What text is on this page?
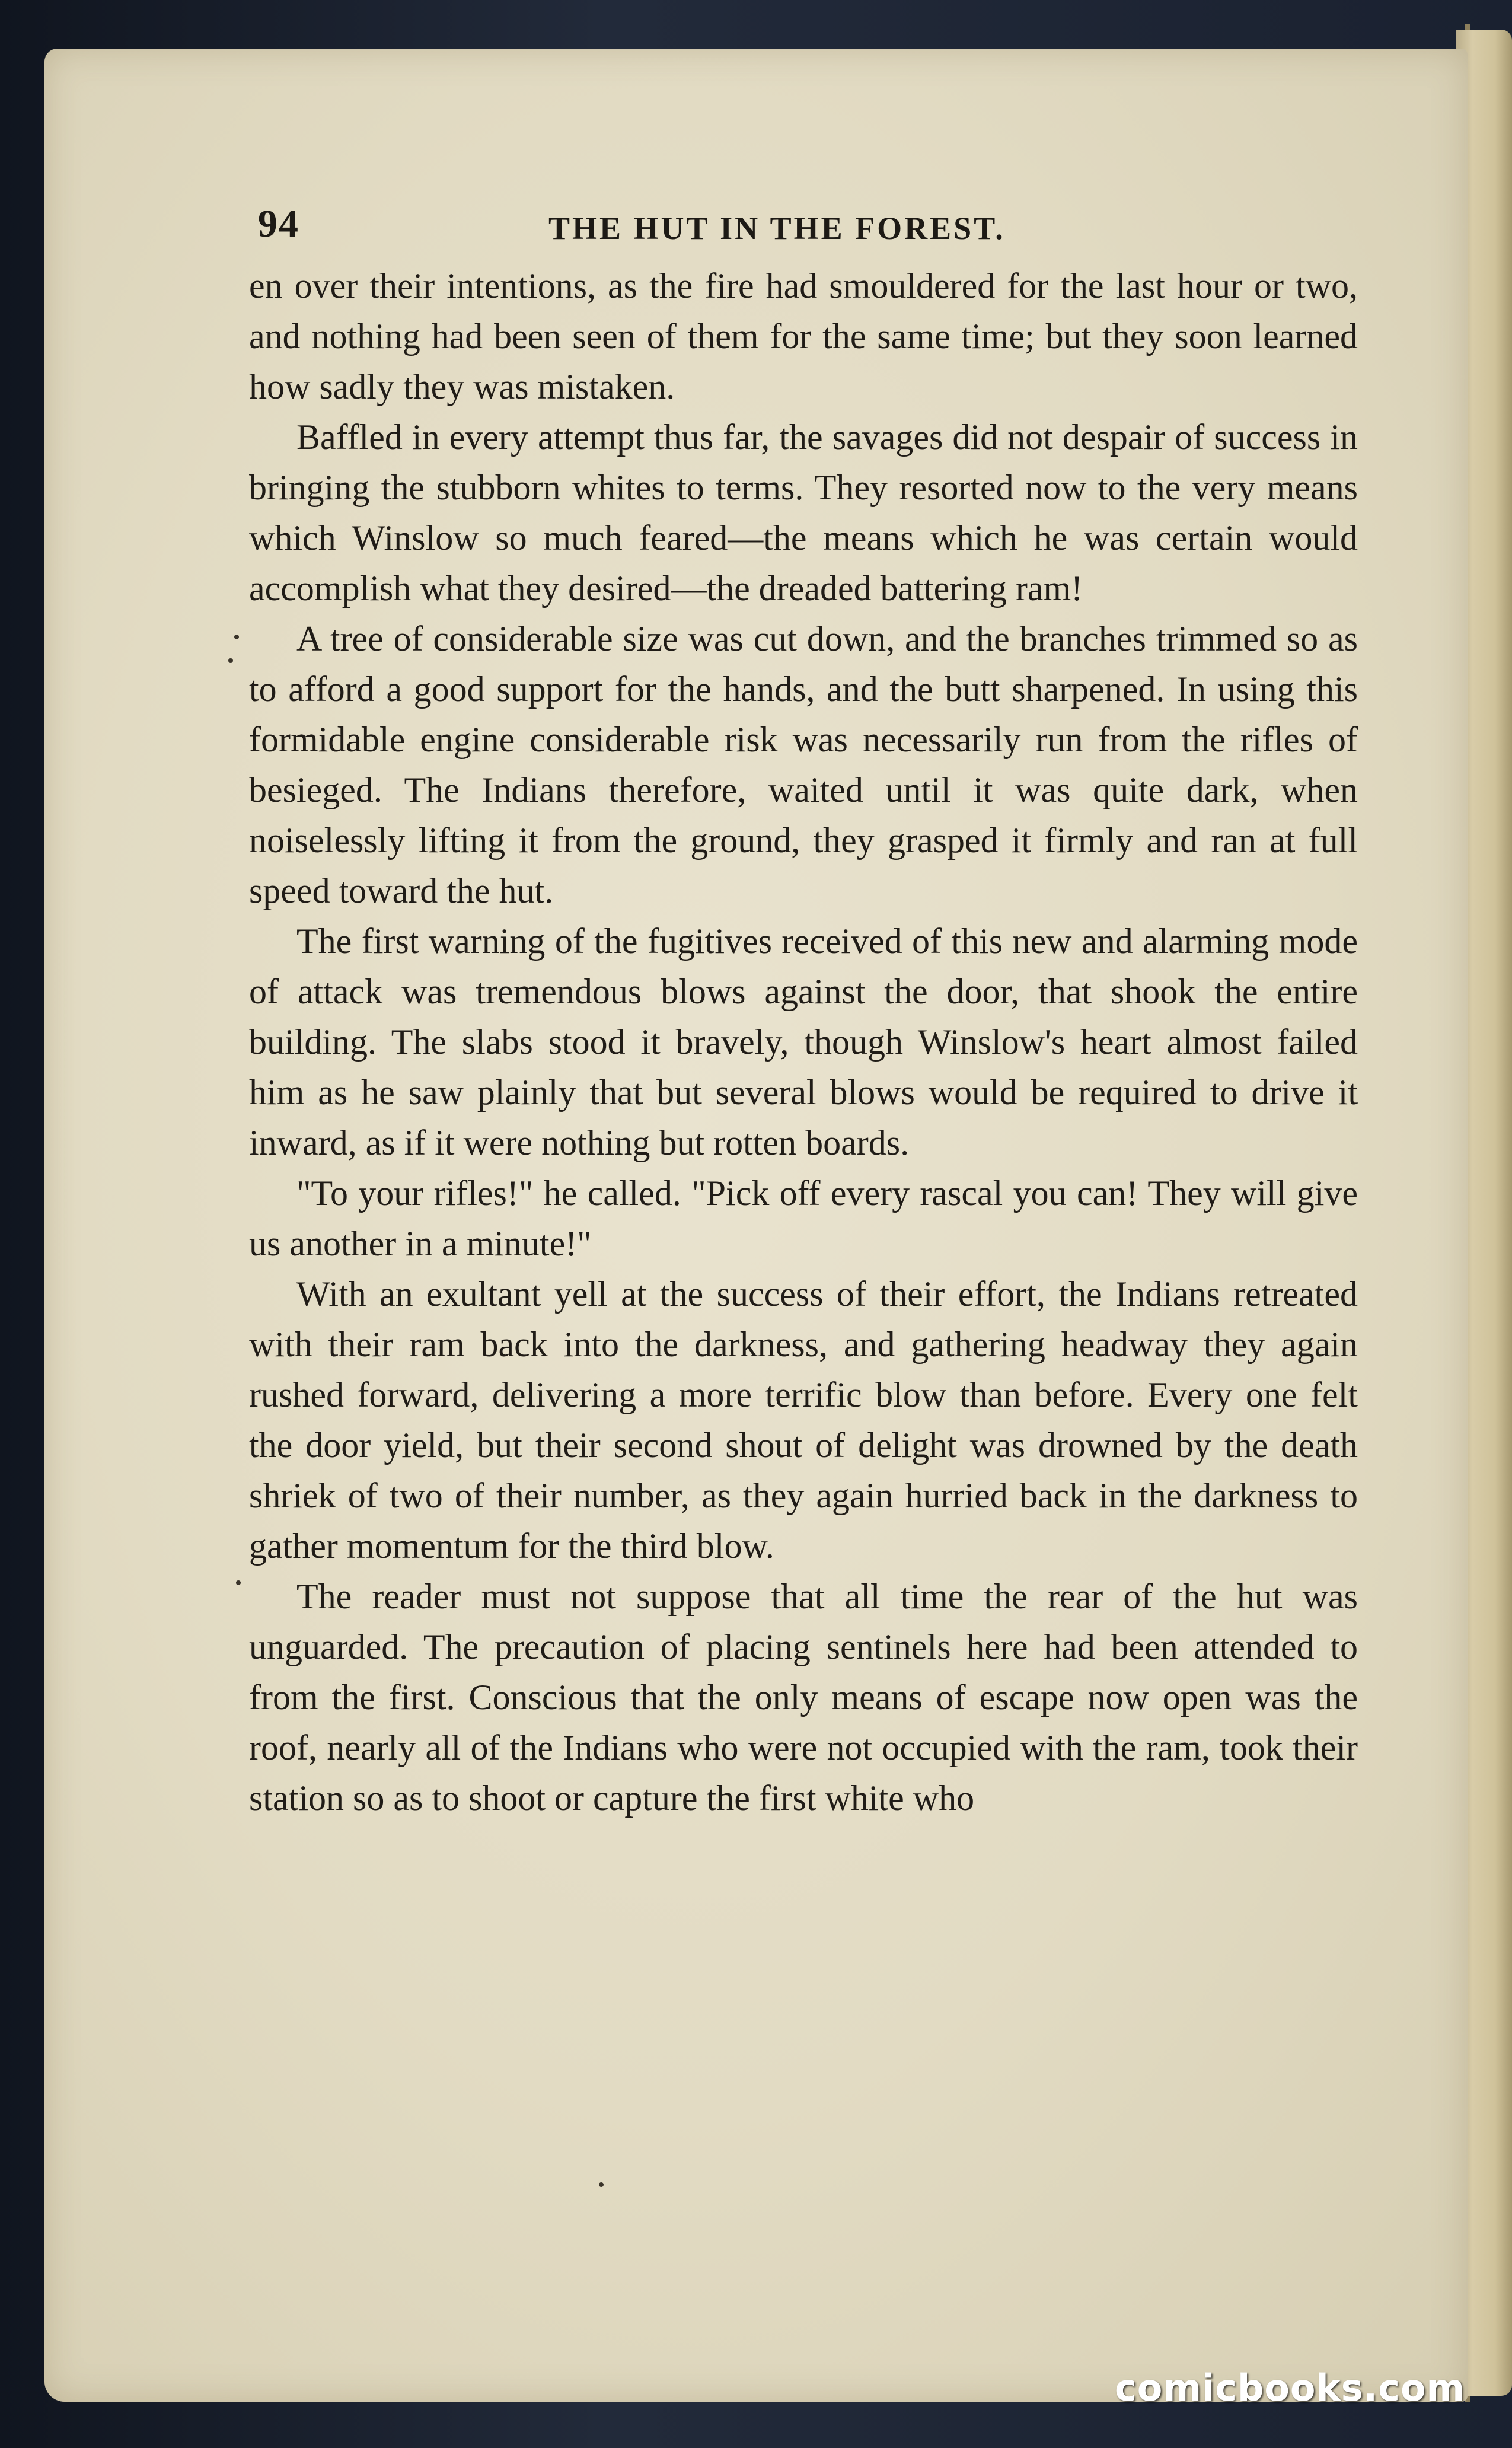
94	THE HUT IN THE FOREST.

en over their intentions, as the fire had smouldered for the last hour or two, and nothing had been seen of them for the same time; but they soon learned how sadly they was mistaken.

Baffled in every attempt thus far, the savages did not despair of success in bringing the stubborn whites to terms. They resorted now to the very means which Winslow so much feared—the means which he was certain would accomplish what they desired—the dreaded battering ram!

A tree of considerable size was cut down, and the branches trimmed so as to afford a good support for the hands, and the butt sharpened. In using this formidable engine considerable risk was necessarily run from the rifles of besieged. The Indians therefore, waited until it was quite dark, when noiselessly lifting it from the ground, they grasped it firmly and ran at full speed toward the hut.

The first warning of the fugitives received of this new and alarming mode of attack was tremendous blows against the door, that shook the entire building. The slabs stood it bravely, though Winslow's heart almost failed him as he saw plainly that but several blows would be required to drive it inward, as if it were nothing but rotten boards.

"To your rifles!" he called. "Pick off every rascal you can! They will give us another in a minute!"

With an exultant yell at the success of their effort, the Indians retreated with their ram back into the darkness, and gathering headway they again rushed forward, delivering a more terrific blow than before. Every one felt the door yield, but their second shout of delight was drowned by the death shriek of two of their number, as they again hurried back in the darkness to gather momentum for the third blow.

The reader must not suppose that all time the rear of the hut was unguarded. The precaution of placing sentinels here had been attended to from the first. Conscious that the only means of escape now open was the roof, nearly all of the Indians who were not occupied with the ram, took their station so as to shoot or capture the first white who

comicbooks.com
